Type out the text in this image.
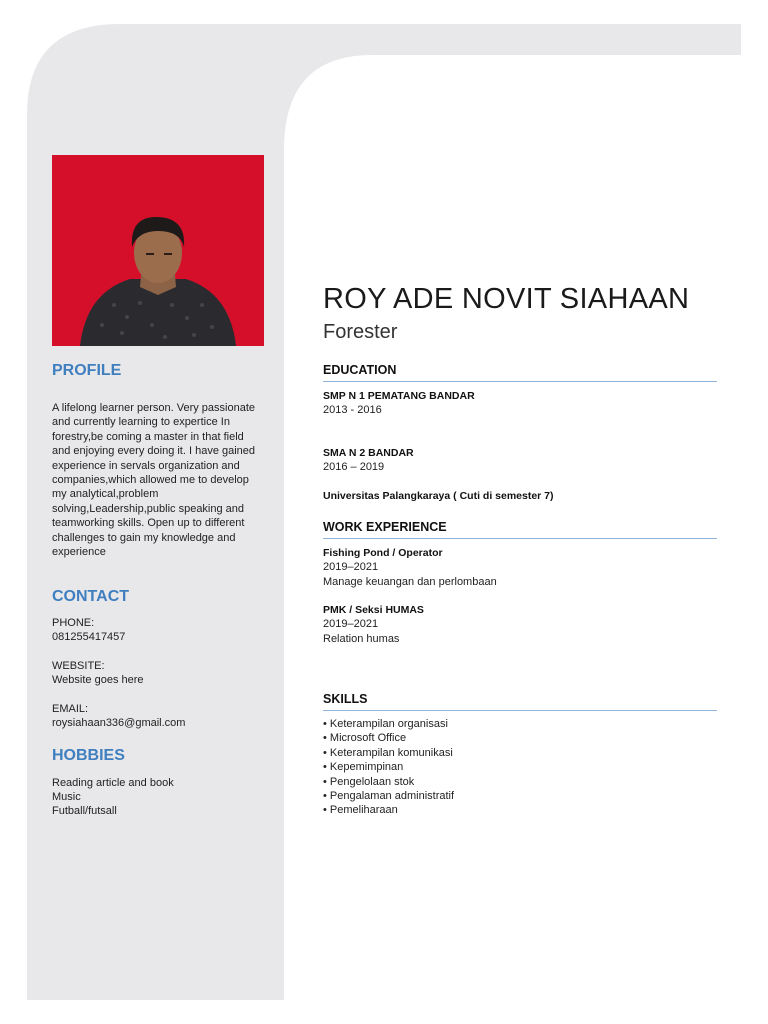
PROFILE

A lifelong learner person. Very passionate and currently learning to expertice In forestry,be coming a master in that field and enjoying every doing it. I have gained experience in servals organization and companies,which allowed me to develop my analytical,problem solving,Leadership,public speaking and teamworking skills. Open up to different challenges to gain my knowledge and experience

CONTACT

PHONE:

081255417457

WEBSITE:

Website goes here

EMAIL:

roysiahaan336@gmail.com

HOBBIES

Reading article and book

Music

Futball/futsall

ROY ADE NOVIT SIAHAAN

Forester

EDUCATION
SMP N 1 PEMATANG BANDAR
2013 - 2016
SMA N 2 BANDAR
2016 – 2019
Universitas Palangkaraya ( Cuti di semester 7)
WORK EXPERIENCE
Fishing Pond / Operator
2019–2021
Manage keuangan dan perlombaan
PMK / Seksi HUMAS
2019–2021
Relation humas
SKILLS
• Keterampilan organisasi
• Microsoft Office
• Keterampilan komunikasi
• Kepemimpinan
• Pengelolaan stok
• Pengalaman administratif
• Pemeliharaan
